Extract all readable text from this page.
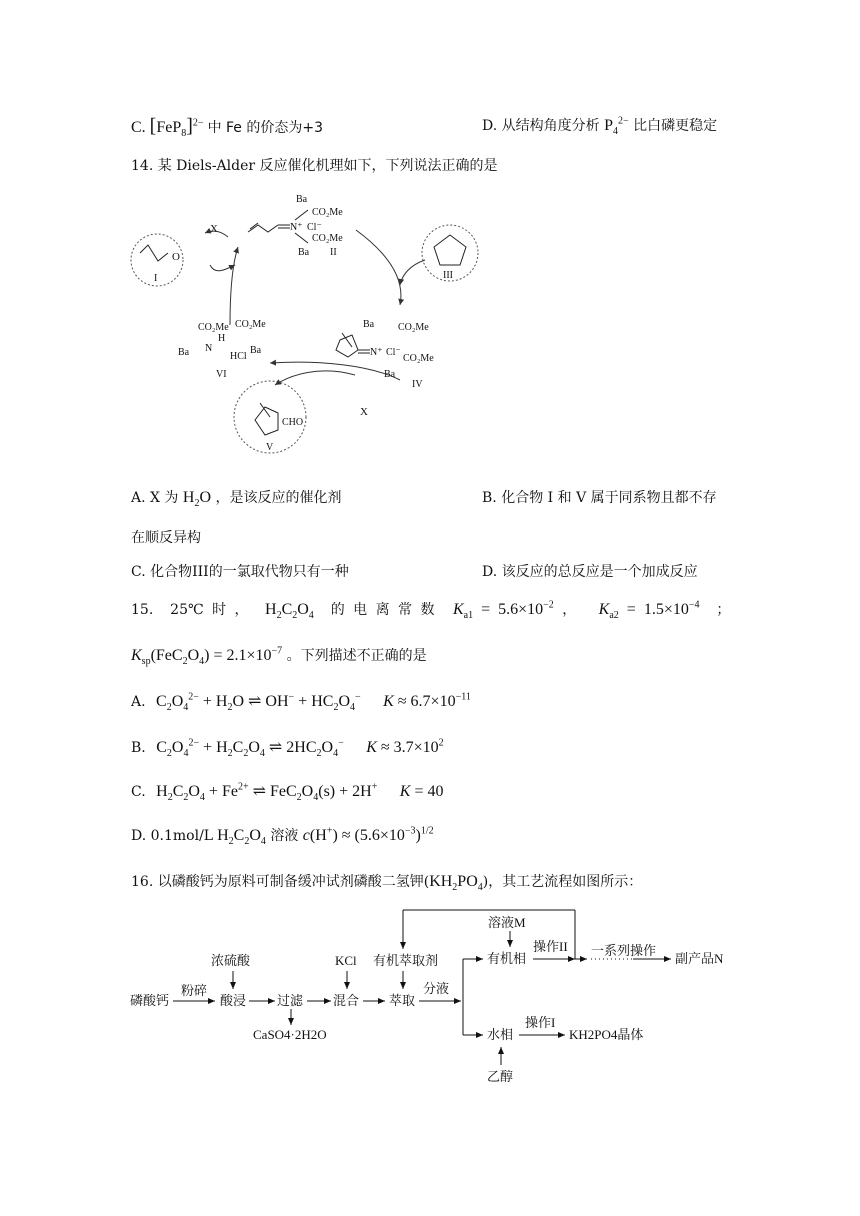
C. $[FeP_8]^{2-}$ 中 Fe 的价态为+3	D. 从结构角度分析 $P_4^{2-}$ 比白磷更稳定
14. 某 Diels-Alder 反应催化机理如下，下列说法正确的是
N⁺ Cl⁻
Ba
CO₂Me
CO₂Me
Ba II
O
I	III
X
N⁺ Cl⁻
Ba CO₂Me
CO₂Me
Ba
IV
CO₂Me CO₂Me
H
N
Ba	HCl
Ba
VI
CHO
V
X
A. X 为 $H_2O$ ，是该反应的催化剂	B. 化合物 I 和 V 属于同系物且都不存
在顺反异构
C. 化合物III的一氯取代物只有一种	D. 该反应的总反应是一个加成反应
15.  25℃ 时 ，  $H_2C_2O_4$  的 电 离 常 数 $K_{a1} = 5.6\times 10^{-2}$ ， $K_{a2} = 1.5\times 10^{-4}$  ；
$K_{sp}(FeC_2O_4) = 2.1\times 10^{-7}$ 。下列描述不正确的是
A. $C_2O_4^{2-} + H_2O$ ⇌ $OH^- + HC_2O_4^-$ $K \approx 6.7\times 10^{-11}$
B. $C_2O_4^{2-} + H_2C_2O_4$ ⇌ $2HC_2O_4^-$ $K \approx 3.7\times 10^2$
C. $H_2C_2O_4 + Fe^{2+}$ ⇌ $FeC_2O_4(s) + 2H^+$ K = 40
D. 0.1mol/L $H_2C_2O_4$ 溶液 $c(H^+) \approx (5.6\times 10^{-3})^{1/2}$
16. 以磷酸钙为原料可制备缓冲试剂磷酸二氢钾$(KH_2PO_4)$，其工艺流程如图所示：
磷酸钙
粉碎
浓硫酸
酸浸 过滤
CaSO4·2H2O
KCl
混合
有机萃取剂
萃取
分液
有机相
溶液M
操作II 一系列操作
副产品N
水相
乙醇
操作I
KH2PO4晶体
